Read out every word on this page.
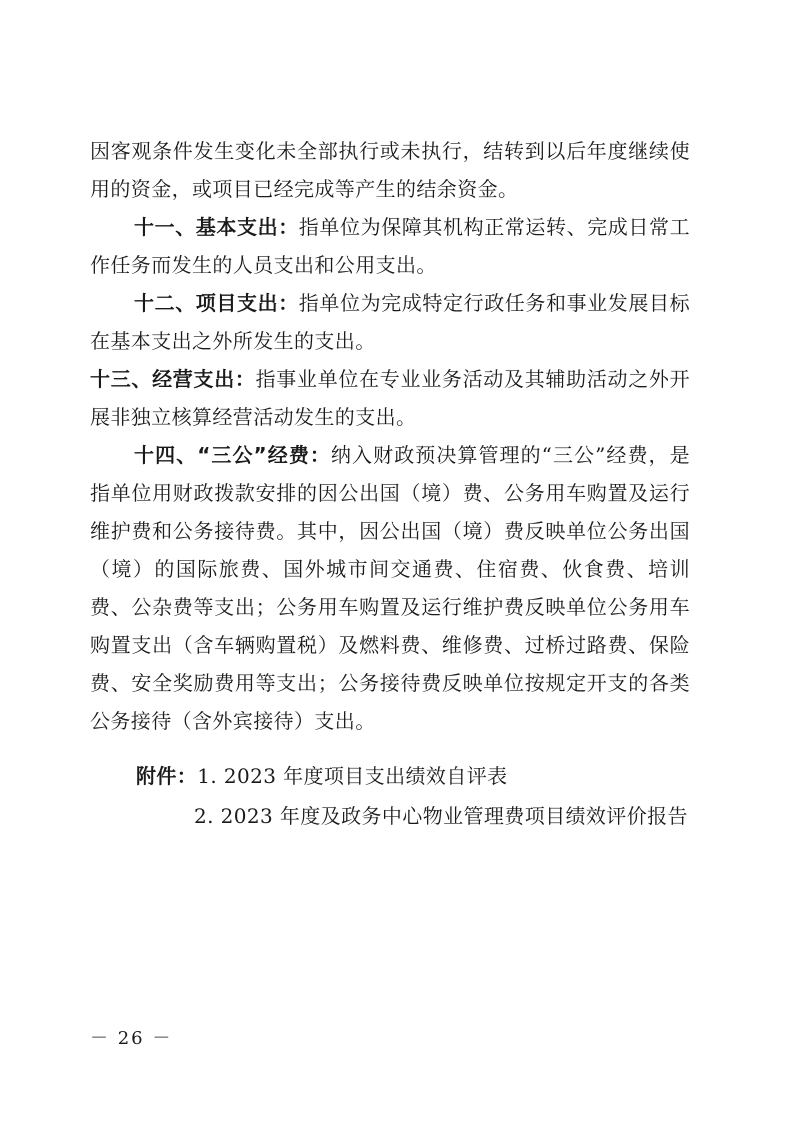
因客观条件发生变化未全部执行或未执行，结转到以后年度继续使用的资金，或项目已经完成等产生的结余资金。

十一、基本支出：指单位为保障其机构正常运转、完成日常工作任务而发生的人员支出和公用支出。

十二、项目支出：指单位为完成特定行政任务和事业发展目标在基本支出之外所发生的支出。

十三、经营支出：指事业单位在专业业务活动及其辅助活动之外开展非独立核算经营活动发生的支出。

十四、“三公”经费：纳入财政预决算管理的“三公”经费，是指单位用财政拨款安排的因公出国（境）费、公务用车购置及运行维护费和公务接待费。其中，因公出国（境）费反映单位公务出国（境）的国际旅费、国外城市间交通费、住宿费、伙食费、培训费、公杂费等支出；公务用车购置及运行维护费反映单位公务用车购置支出（含车辆购置税）及燃料费、维修费、过桥过路费、保险费、安全奖励费用等支出；公务接待费反映单位按规定开支的各类公务接待（含外宾接待）支出。

附件： 1. 2023 年度项目支出绩效自评表
2. 2023 年度及政务中心物业管理费项目绩效评价报告
－ 26 －
